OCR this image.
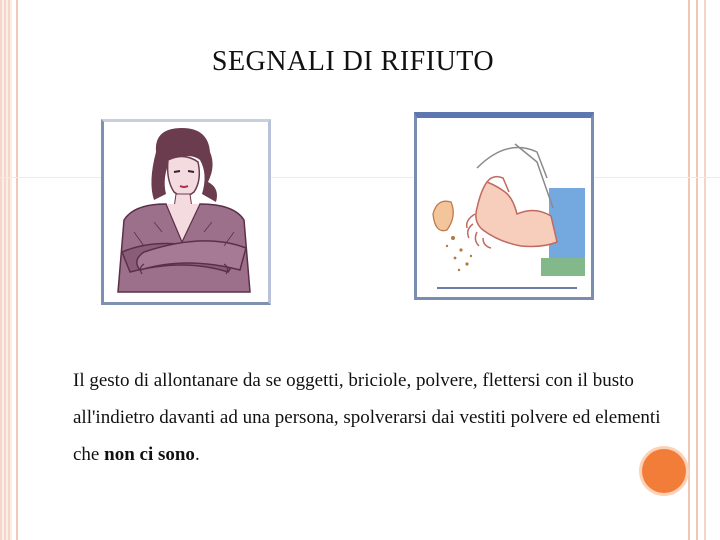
SEGNALI DI RIFIUTO
Il gesto di allontanare da se oggetti, briciole, polvere, flettersi con il busto all'indietro davanti ad una persona, spolverarsi dai vestiti polvere ed elementi che non ci sono.
